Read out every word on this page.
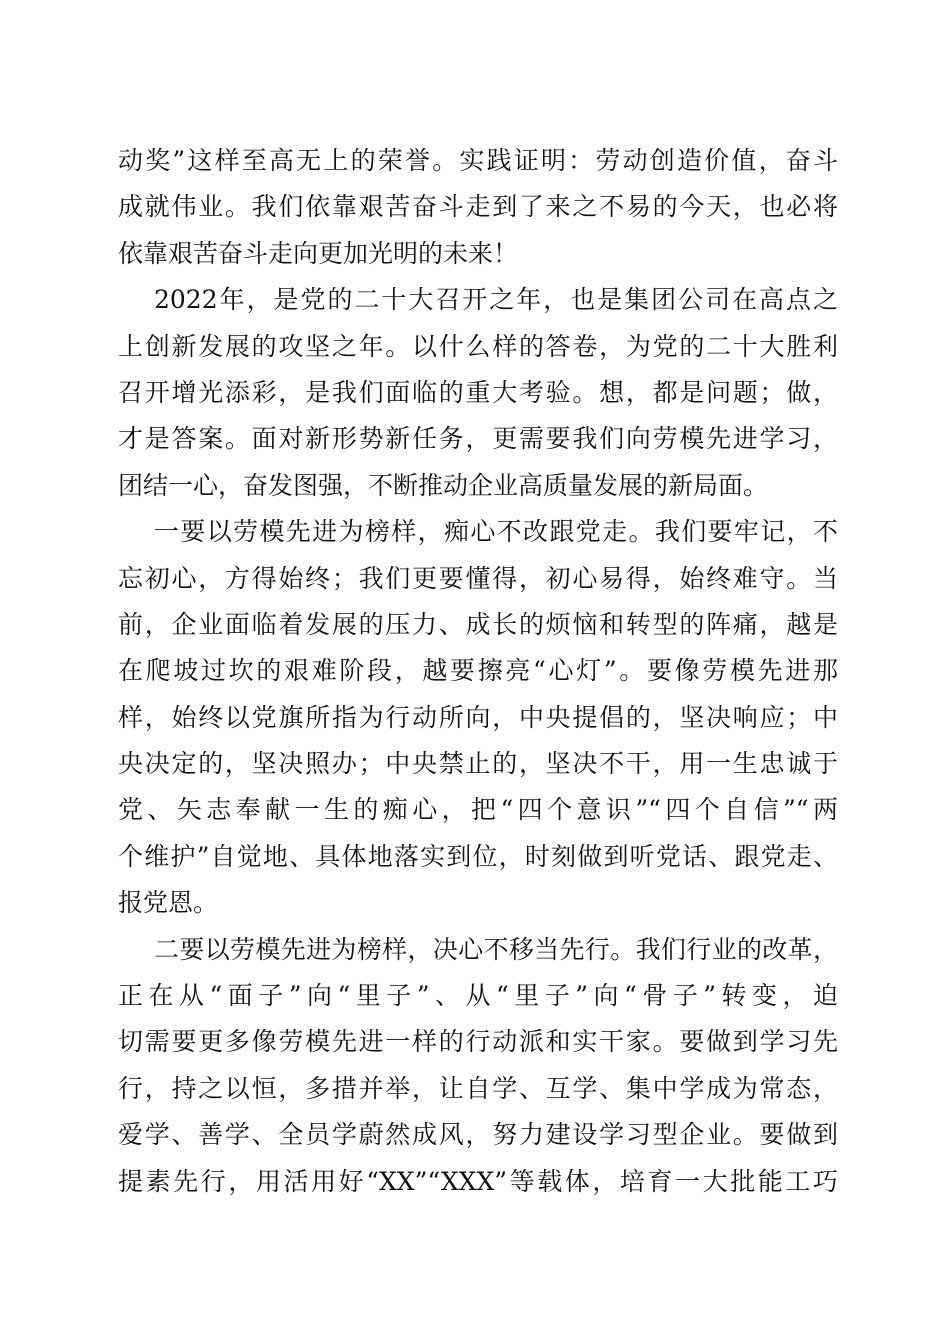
动奖”这样至高无上的荣誉。实践证明：劳动创造价值，奋斗
成就伟业。我们依靠艰苦奋斗走到了来之不易的今天，也必将
依靠艰苦奋斗走向更加光明的未来！
2022年，是党的二十大召开之年，也是集团公司在高点之
上创新发展的攻坚之年。以什么样的答卷，为党的二十大胜利
召开增光添彩，是我们面临的重大考验。想，都是问题；做，
才是答案。面对新形势新任务，更需要我们向劳模先进学习，
团结一心，奋发图强，不断推动企业高质量发展的新局面。
一要以劳模先进为榜样，痴心不改跟党走。我们要牢记，不
忘初心，方得始终；我们更要懂得，初心易得，始终难守。当
前，企业面临着发展的压力、成长的烦恼和转型的阵痛，越是
在爬坡过坎的艰难阶段，越要擦亮“心灯”。要像劳模先进那
样，始终以党旗所指为行动所向，中央提倡的，坚决响应；中
央决定的，坚决照办；中央禁止的，坚决不干，用一生忠诚于
党、矢志奉献一生的痴心，把“四个意识”“四个自信”“两
个维护”自觉地、具体地落实到位，时刻做到听党话、跟党走、
报党恩。
二要以劳模先进为榜样，决心不移当先行。我们行业的改革，
正在从“面子”向“里子”、从“里子”向“骨子”转变，迫
切需要更多像劳模先进一样的行动派和实干家。要做到学习先
行，持之以恒，多措并举，让自学、互学、集中学成为常态，
爱学、善学、全员学蔚然成风，努力建设学习型企业。要做到
提素先行，用活用好“XX”“XXX”等载体，培育一大批能工巧
